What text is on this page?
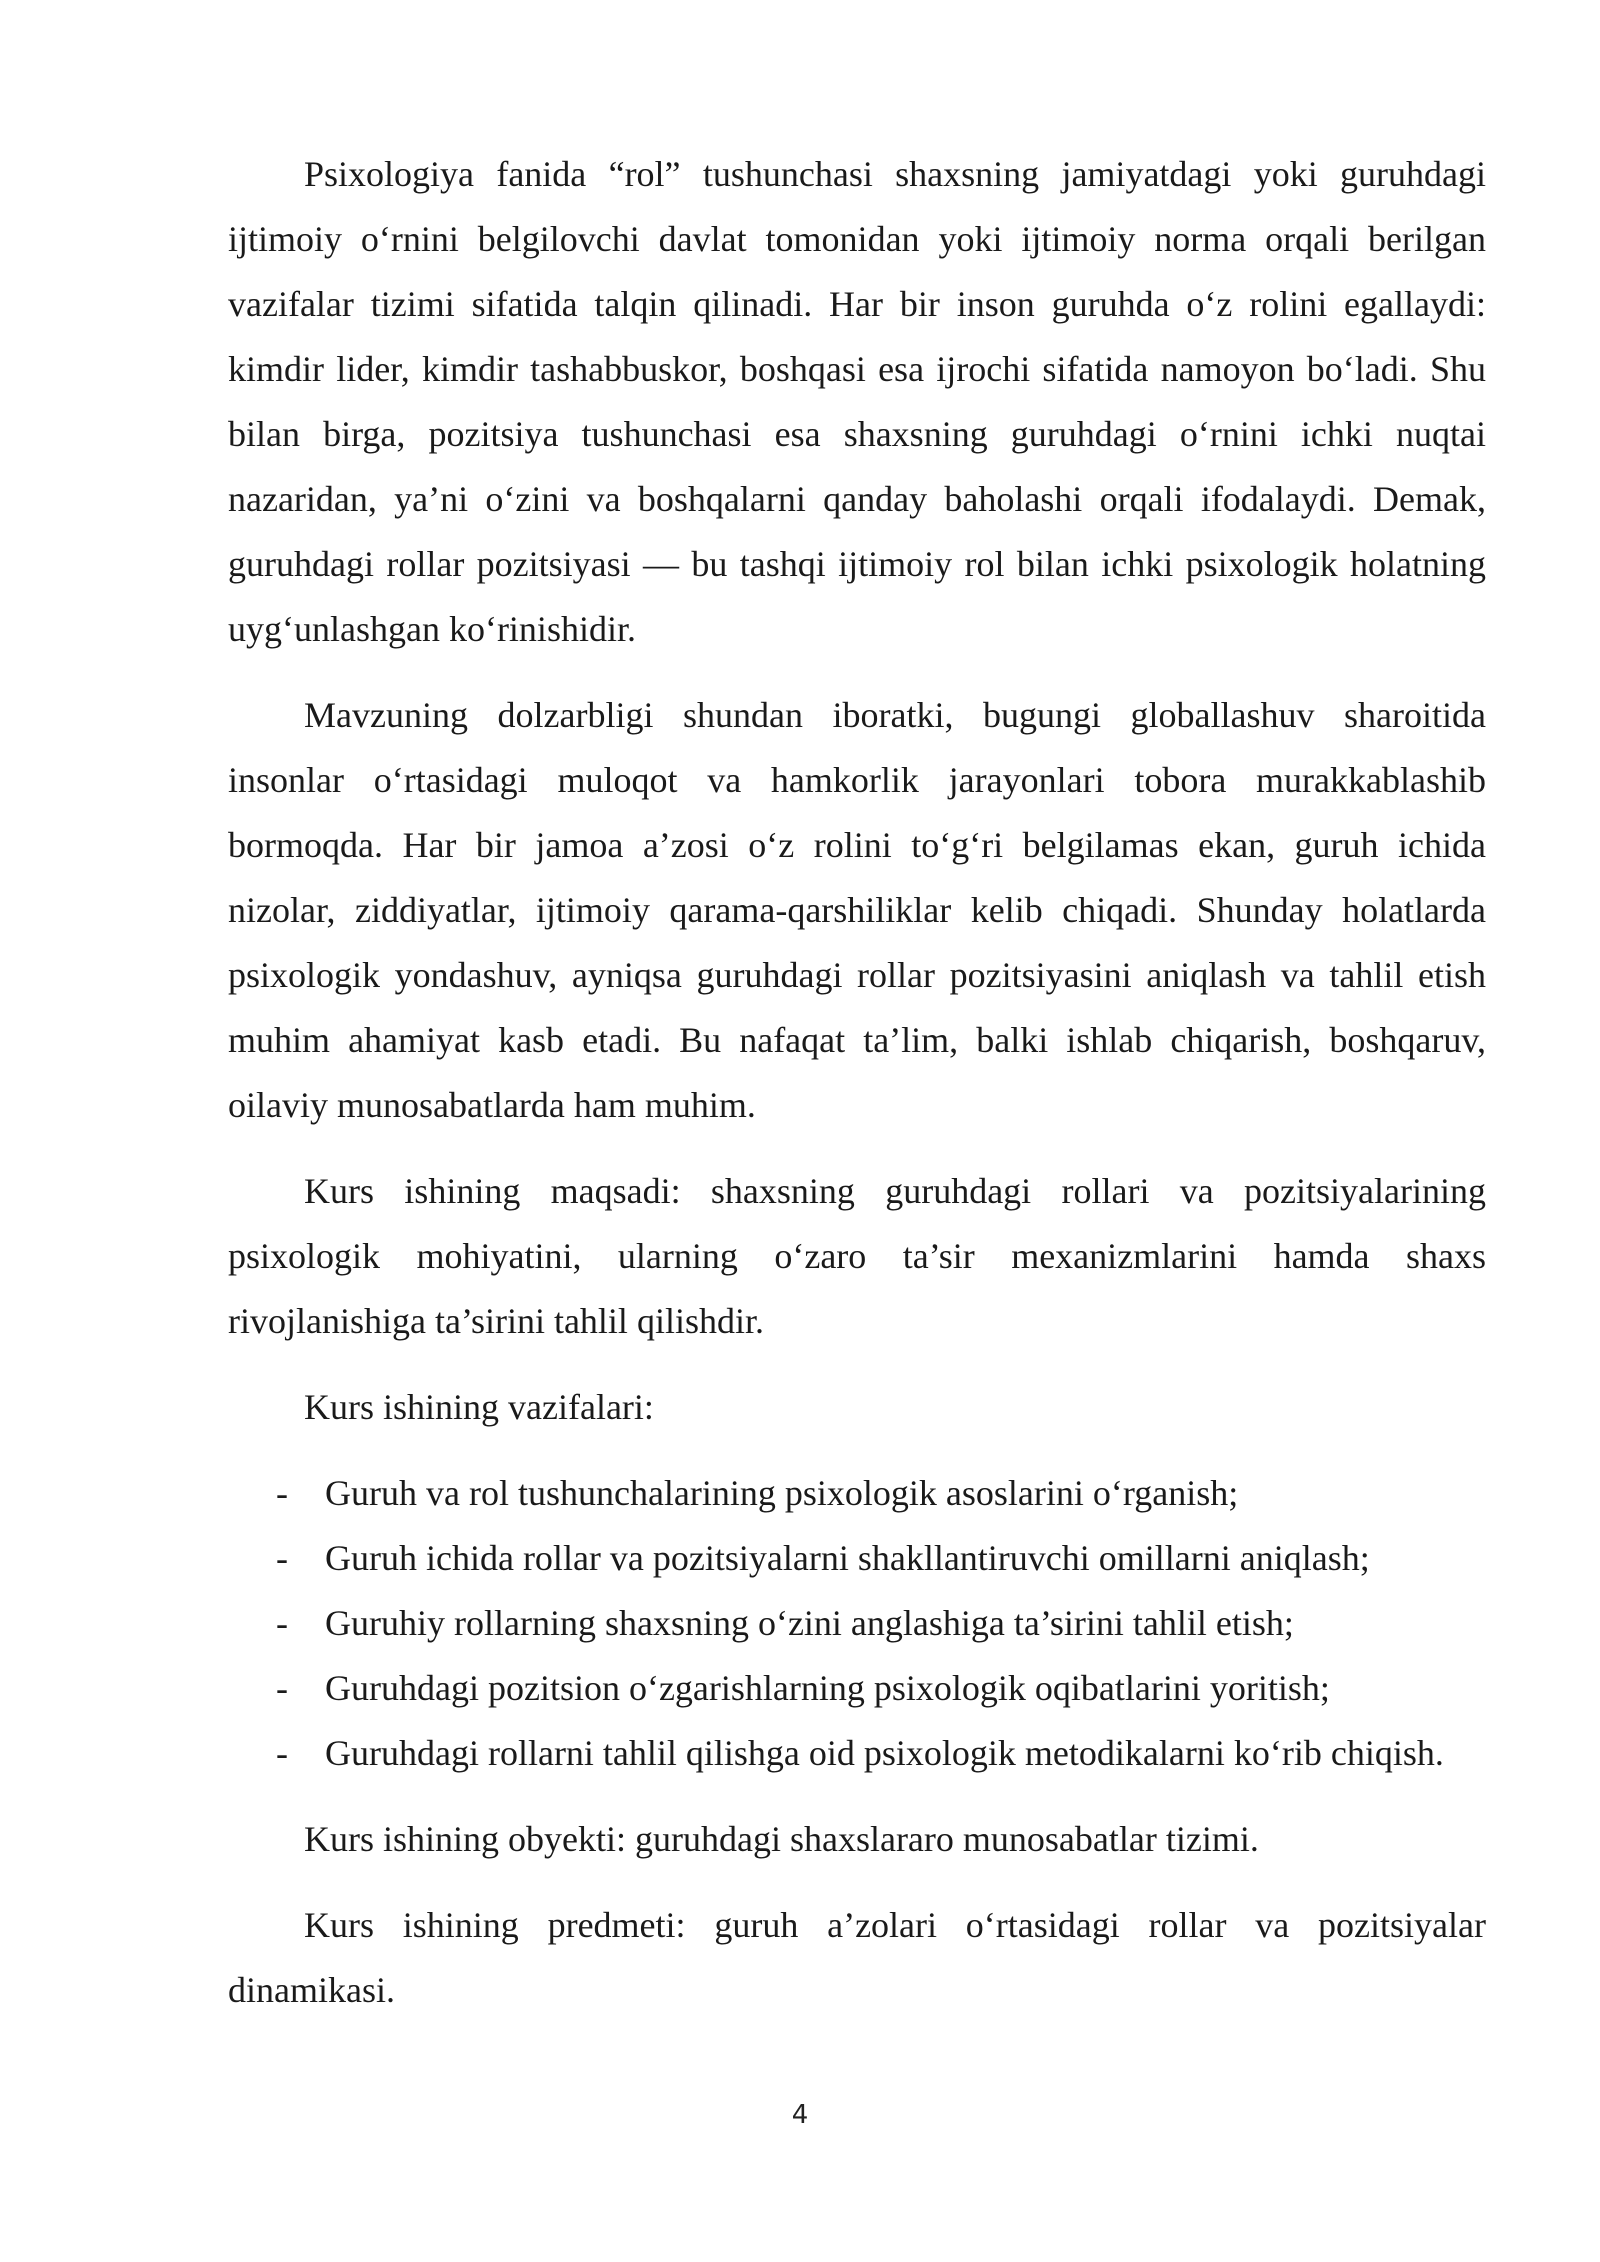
Psixologiya fanida “rol” tushunchasi shaxsning jamiyatdagi yoki guruhdagi ijtimoiy o‘rnini belgilovchi davlat tomonidan yoki ijtimoiy norma orqali berilgan vazifalar tizimi sifatida talqin qilinadi. Har bir inson guruhda o‘z rolini egallaydi: kimdir lider, kimdir tashabbuskor, boshqasi esa ijrochi sifatida namoyon bo‘ladi. Shu bilan birga, pozitsiya tushunchasi esa shaxsning guruhdagi o‘rnini ichki nuqtai nazaridan, ya’ni o‘zini va boshqalarni qanday baholashi orqali ifodalaydi. Demak, guruhdagi rollar pozitsiyasi — bu tashqi ijtimoiy rol bilan ichki psixologik holatning uyg‘unlashgan ko‘rinishidir.

Mavzuning dolzarbligi shundan iboratki, bugungi globallashuv sharoitida insonlar o‘rtasidagi muloqot va hamkorlik jarayonlari tobora murakkablashib bormoqda. Har bir jamoa a’zosi o‘z rolini to‘g‘ri belgilamas ekan, guruh ichida nizolar, ziddiyatlar, ijtimoiy qarama-qarshiliklar kelib chiqadi. Shunday holatlarda psixologik yondashuv, ayniqsa guruhdagi rollar pozitsiyasini aniqlash va tahlil etish muhim ahamiyat kasb etadi. Bu nafaqat ta’lim, balki ishlab chiqarish, boshqaruv, oilaviy munosabatlarda ham muhim.

Kurs ishining maqsadi: shaxsning guruhdagi rollari va pozitsiyalarining psixologik mohiyatini, ularning o‘zaro ta’sir mexanizmlarini hamda shaxs rivojlanishiga ta’sirini tahlil qilishdir.

Kurs ishining vazifalari:

- Guruh va rol tushunchalarining psixologik asoslarini o‘rganish;
- Guruh ichida rollar va pozitsiyalarni shakllantiruvchi omillarni aniqlash;
- Guruhiy rollarning shaxsning o‘zini anglashiga ta’sirini tahlil etish;
- Guruhdagi pozitsion o‘zgarishlarning psixologik oqibatlarini yoritish;
- Guruhdagi rollarni tahlil qilishga oid psixologik metodikalarni ko‘rib chiqish.

Kurs ishining obyekti: guruhdagi shaxslararo munosabatlar tizimi.

Kurs ishining predmeti: guruh a’zolari o‘rtasidagi rollar va pozitsiyalar dinamikasi.

4
